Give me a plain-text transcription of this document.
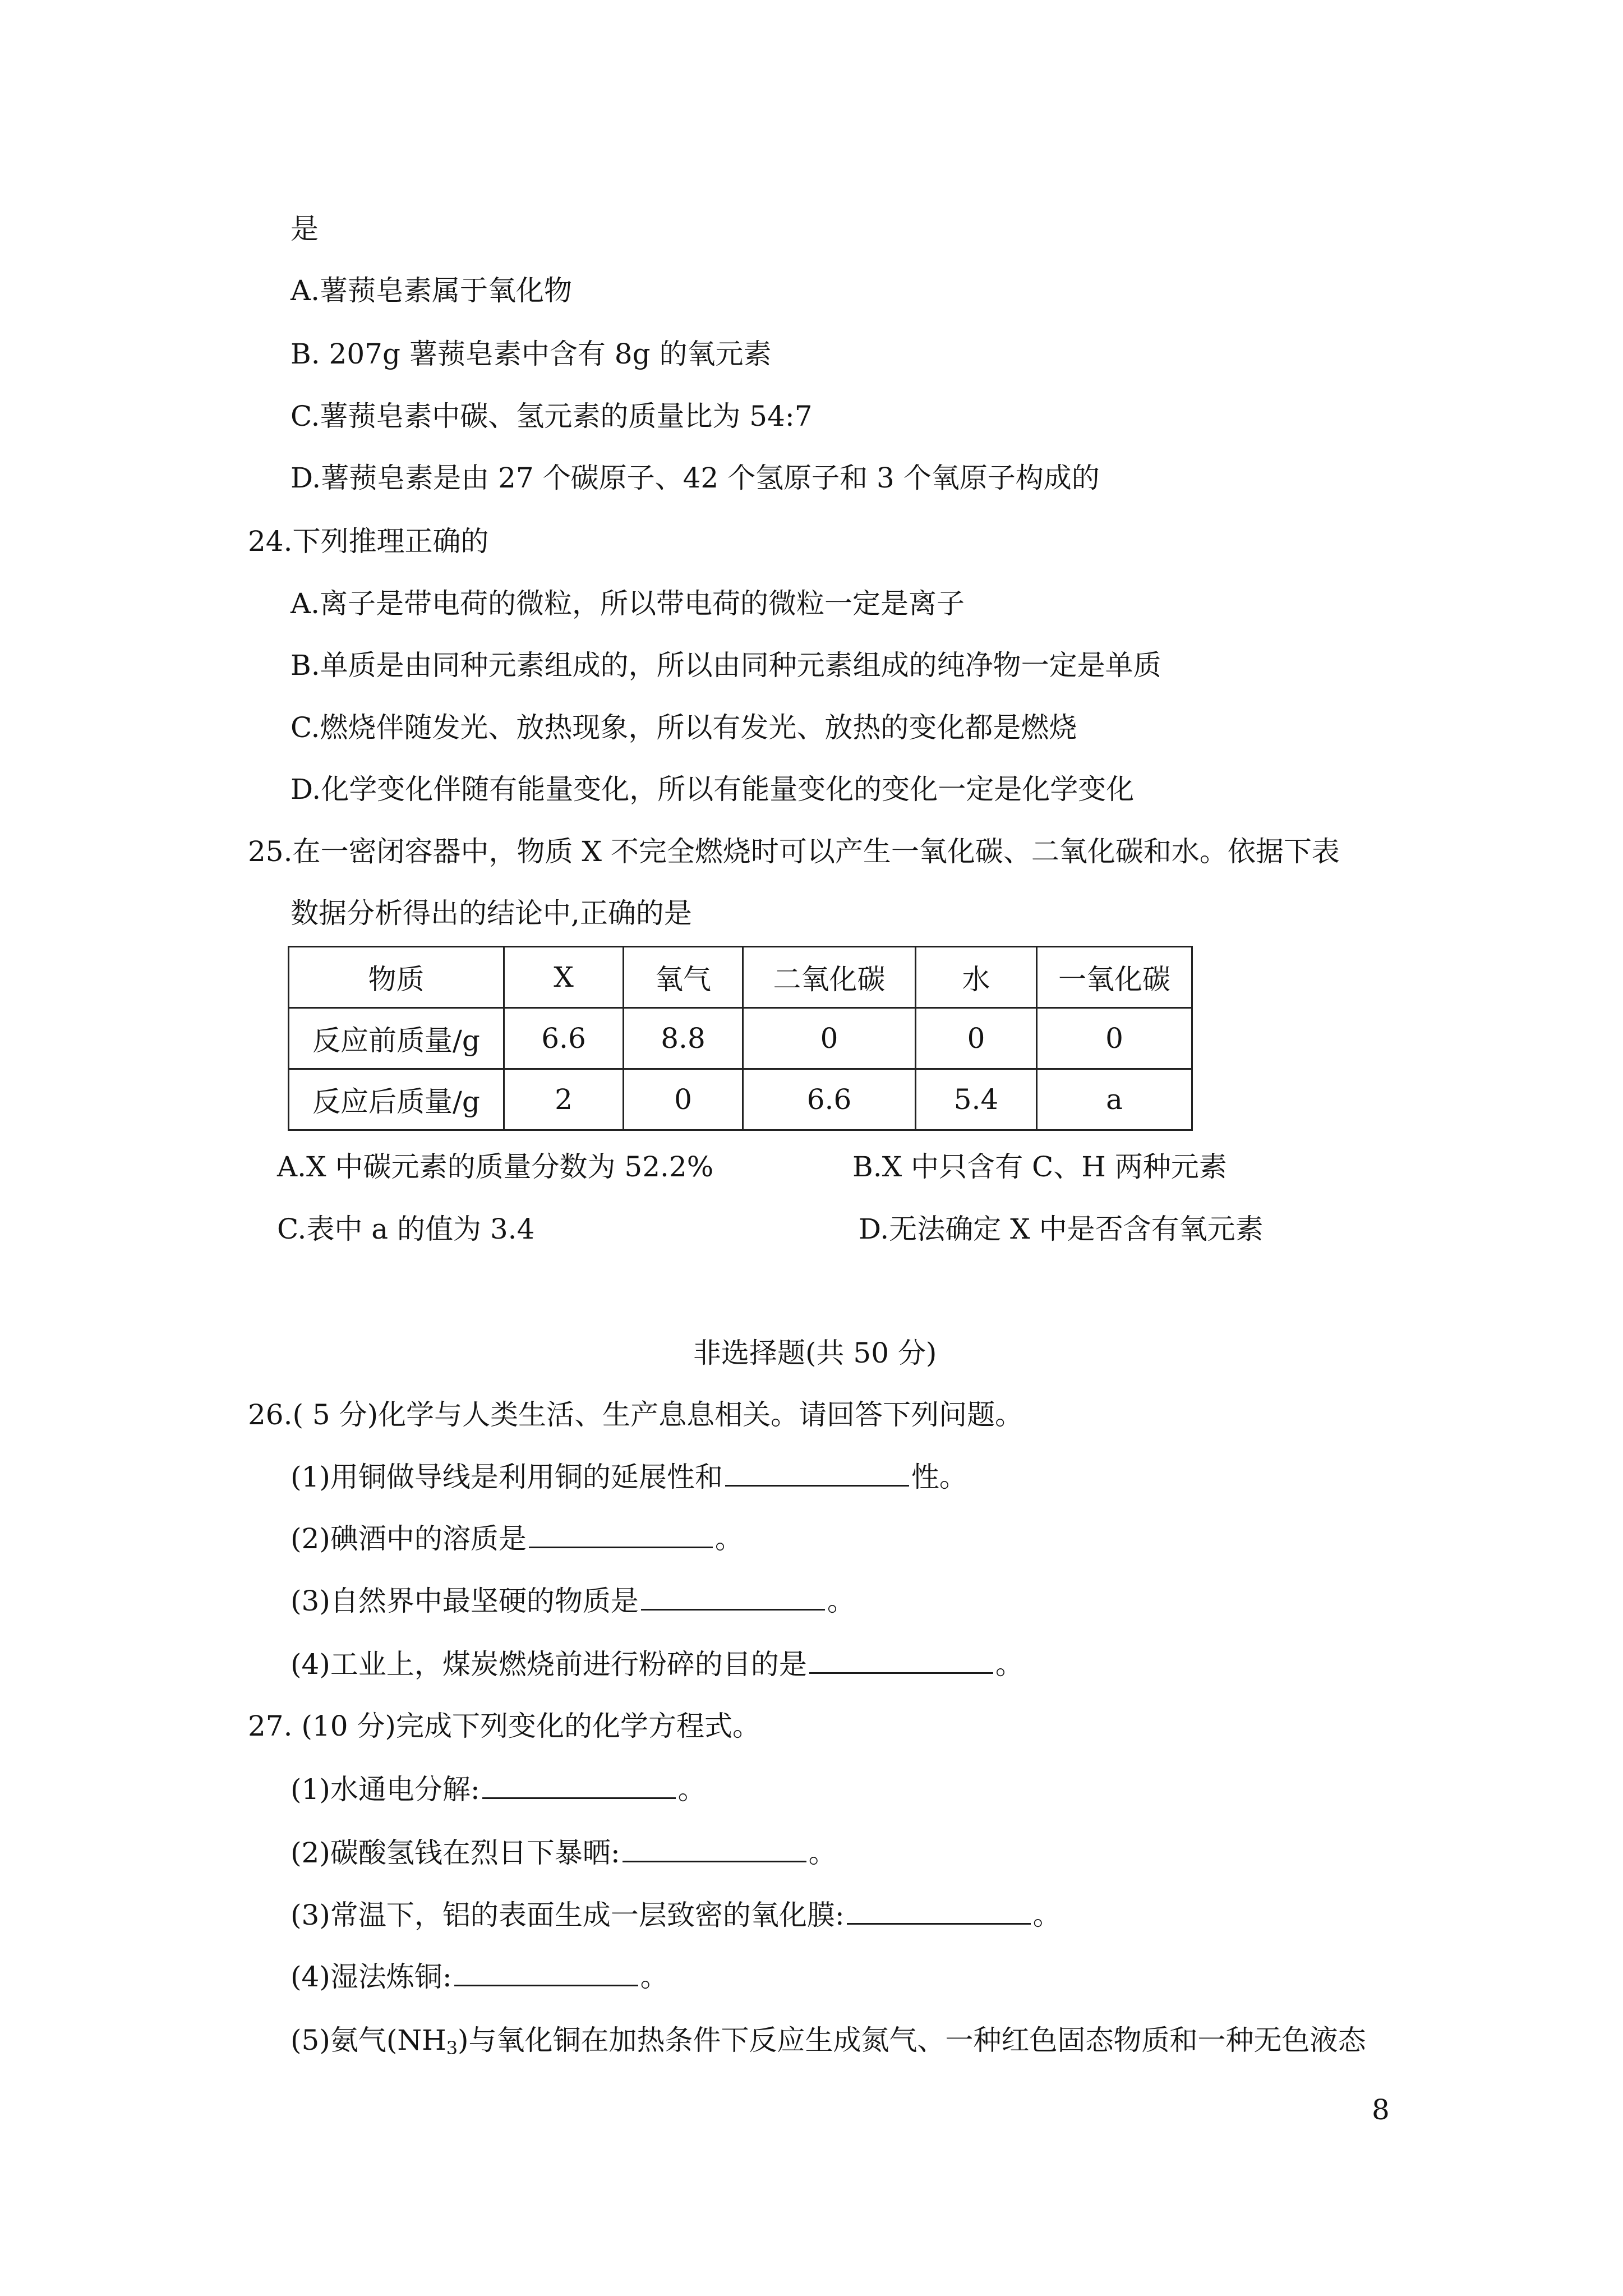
是
A.薯蓣皂素属于氧化物
B. 207g 薯蓣皂素中含有 8g 的氧元素
C.薯蓣皂素中碳、氢元素的质量比为 54:7
D.薯蓣皂素是由 27 个碳原子、42 个氢原子和 3 个氧原子构成的
24.下列推理正确的
A.离子是带电荷的微粒，所以带电荷的微粒一定是离子
B.单质是由同种元素组成的，所以由同种元素组成的纯净物一定是单质
C.燃烧伴随发光、放热现象，所以有发光、放热的变化都是燃烧
D.化学变化伴随有能量变化，所以有能量变化的变化一定是化学变化
25.在一密闭容器中，物质 X 不完全燃烧时可以产生一氧化碳、二氧化碳和水。依据下表
数据分析得出的结论中,正确的是
物质	X	氧气	二氧化碳	水	一氧化碳
反应前质量/g	6.6	8.8	0	0	0
反应后质量/g	2	0	6.6	5.4	a
A.X 中碳元素的质量分数为 52.2%	B.X 中只含有 C、H 两种元素
C.表中 a 的值为 3.4	D.无法确定 X 中是否含有氧元素
非选择题(共 50 分)
26.( 5 分)化学与人类生活、生产息息相关。请回答下列问题。
(1)用铜做导线是利用铜的延展性和	性。
(2)碘酒中的溶质是	。
(3)自然界中最坚硬的物质是	。
(4)工业上，煤炭燃烧前进行粉碎的目的是	。
27. (10 分)完成下列变化的化学方程式。
(1)水通电分解:	。
(2)碳酸氢钱在烈日下暴晒:	。
(3)常温下，铝的表面生成一层致密的氧化膜:	。
(4)湿法炼铜:	。
(5)氨气$(NH_3)$与氧化铜在加热条件下反应生成氮气、一种红色固态物质和一种无色液态
8
